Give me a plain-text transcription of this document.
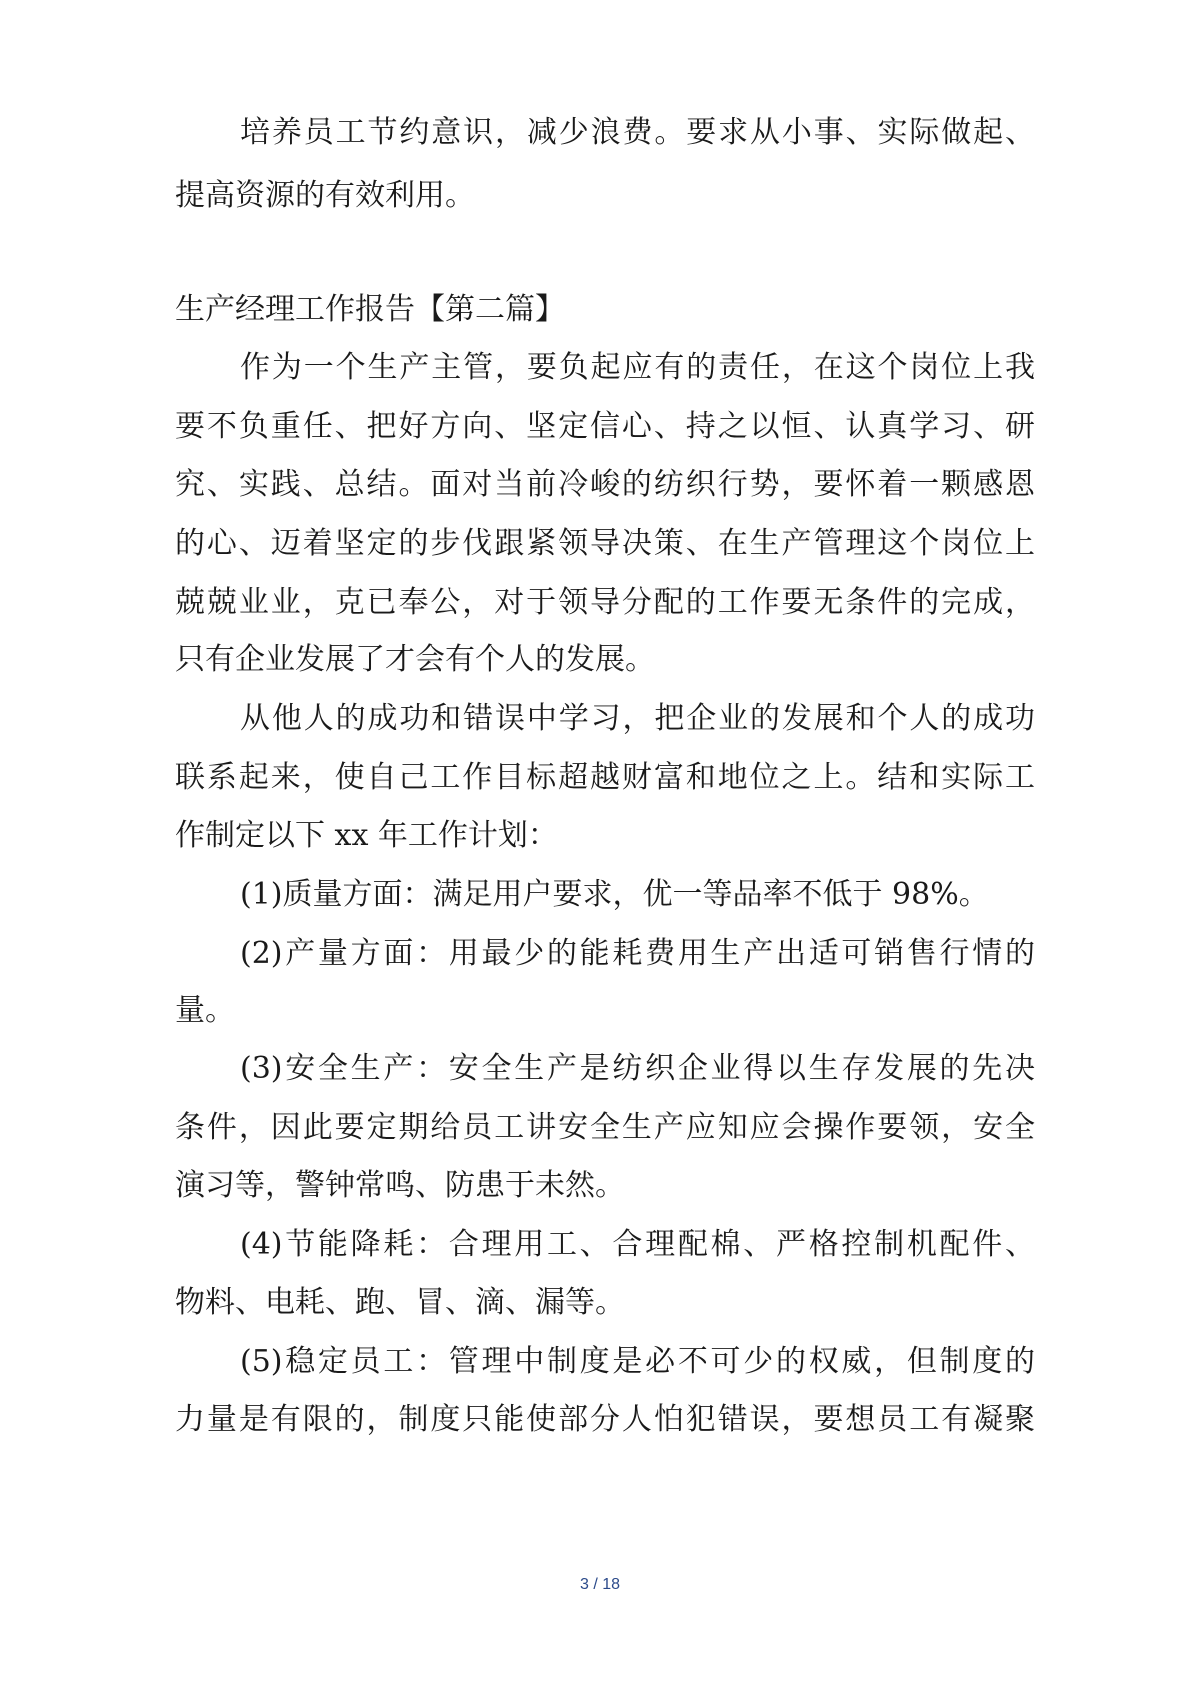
培养员工节约意识，减少浪费。要求从小事、实际做起、
提高资源的有效利用。
生产经理工作报告【第二篇】
作为一个生产主管，要负起应有的责任，在这个岗位上我
要不负重任、把好方向、坚定信心、持之以恒、认真学习、研
究、实践、总结。面对当前冷峻的纺织行势，要怀着一颗感恩
的心、迈着坚定的步伐跟紧领导决策、在生产管理这个岗位上
兢兢业业，克已奉公，对于领导分配的工作要无条件的完成，
只有企业发展了才会有个人的发展。
从他人的成功和错误中学习，把企业的发展和个人的成功
联系起来，使自己工作目标超越财富和地位之上。结和实际工
作制定以下 xx 年工作计划：
(1)质量方面：满足用户要求，优一等品率不低于 98%。
(2)产量方面：用最少的能耗费用生产出适可销售行情的
量。
(3)安全生产：安全生产是纺织企业得以生存发展的先决
条件，因此要定期给员工讲安全生产应知应会操作要领，安全
演习等，警钟常鸣、防患于未然。
(4)节能降耗：合理用工、合理配棉、严格控制机配件、
物料、电耗、跑、冒、滴、漏等。
(5)稳定员工：管理中制度是必不可少的权威，但制度的
力量是有限的，制度只能使部分人怕犯错误，要想员工有凝聚
3 / 18
